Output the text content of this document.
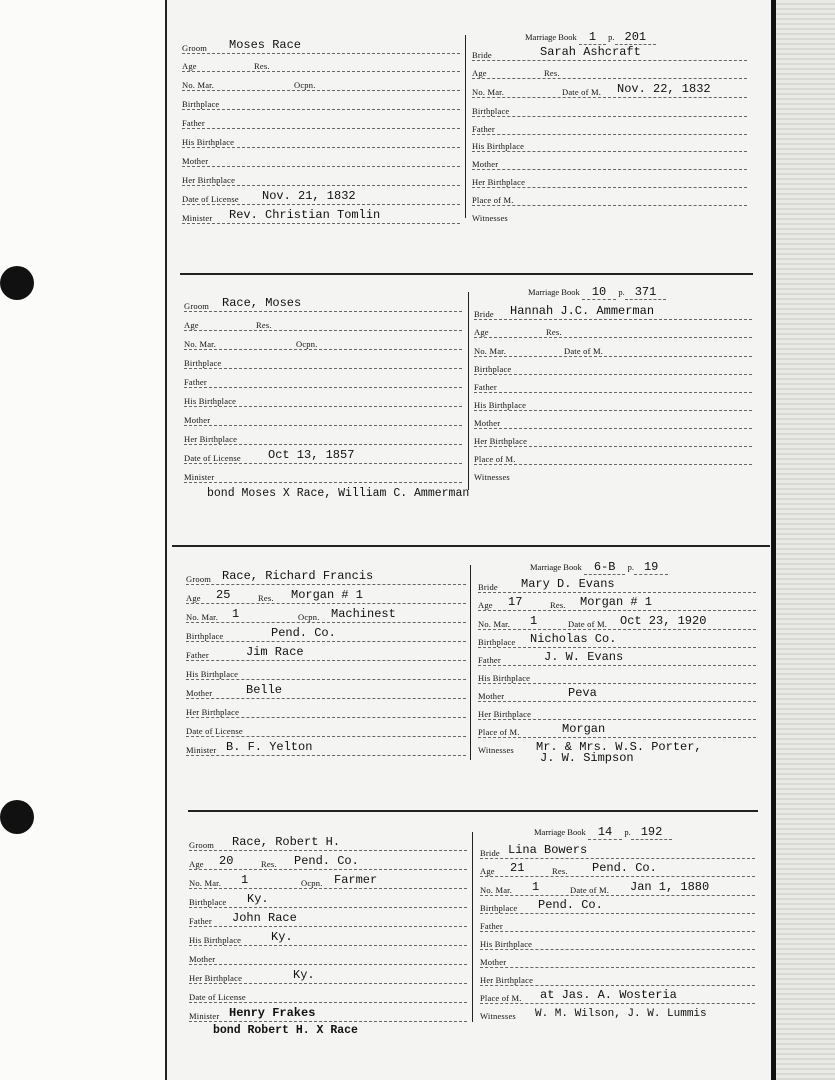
Marriage Book 1 p. 201
Groom Moses Race
Age	Res.
No. Mar.	Ocpn.
Birthplace
Father
His Birthplace
Mother
Her Birthplace
Date of License Nov. 21, 1832
Minister Rev. Christian Tomlin
Bride	Sarah Ashcraft
Age	Res.
No. Mar.	Date of M. Nov. 22, 1832
Birthplace
Father
His Birthplace
Mother
Her Birthplace
Place of M.
Witnesses
Marriage Book 10 p. 371
Groom Race, Moses
Age	Res.
No. Mar.	Ocpn.
Birthplace
Father
His Birthplace
Mother
Her Birthplace
Date of License Oct 13, 1857
Minister
Bride Hannah J.C. Ammerman
Age	Res.
No. Mar.	Date of M.
Birthplace
Father
His Birthplace
Mother
Her Birthplace
Place of M.
Witnesses
bond Moses X Race, William C. Ammerman
Marriage Book 6-B p. 19
Groom Race, Richard Francis
Age 25	Res. Morgan # 1
No. Mar. 1	Ocpn. Machinest
Birthplace	Pend. Co.
Father	Jim Race
His Birthplace
Mother	Belle
Her Birthplace
Date of License
Minister B. F. Yelton
Bride Mary D. Evans
Age 17	Res. Morgan # 1
No. Mar. 1	Date of M. Oct 23, 1920
Birthplace Nicholas Co.
Father	J. W. Evans
His Birthplace
Mother	Peva
Her Birthplace
Place of M.	Morgan
Witnesses Mr. & Mrs. W.S. Porter,
J. W. Simpson
Marriage Book 14 p. 192
Groom Race, Robert H.
Age 20	Res. Pend. Co.
No. Mar. 1	Ocpn. Farmer
Birthplace Ky.
Father John Race
His Birthplace Ky.
Mother
Her Birthplace	Ky.
Date of License
Minister Henry Frakes
Bride Lina Bowers
Age 21	Res. Pend. Co.
No. Mar. 1	Date of M. Jan 1, 1880
Birthplace Pend. Co.
Father
His Birthplace
Mother
Her Birthplace
Place of M. at Jas. A. Wosteria
Witnesses W. M. Wilson, J. W. Lummis
bond Robert H. X Race
